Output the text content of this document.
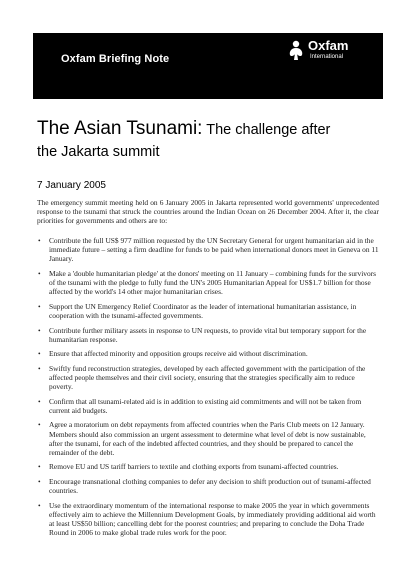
Oxfam Briefing Note
Oxfam
International
The Asian Tsunami: The challenge after
the Jakarta summit
7 January 2005

The emergency summit meeting held on 6 January 2005 in Jakarta represented world governments' unprecedented response to the tsunami that struck the countries around the Indian Ocean on 26 December 2004. After it, the clear priorities for governments and others are to:

• Contribute the full US$ 977 million requested by the UN Secretary General for urgent humanitarian aid in the immediate future – setting a firm deadline for funds to be paid when international donors meet in Geneva on 11 January.
• Make a 'double humanitarian pledge' at the donors' meeting on 11 January – combining funds for the survivors of the tsunami with the pledge to fully fund the UN's 2005 Humanitarian Appeal for US$1.7 billion for those affected by the world's 14 other major humanitarian crises.
• Support the UN Emergency Relief Coordinator as the leader of international humanitarian assistance, in cooperation with the tsunami-affected governments.
• Contribute further military assets in response to UN requests, to provide vital but temporary support for the humanitarian response.
• Ensure that affected minority and opposition groups receive aid without discrimination.
• Swiftly fund reconstruction strategies, developed by each affected government with the participation of the affected people themselves and their civil society, ensuring that the strategies specifically aim to reduce poverty.
• Confirm that all tsunami-related aid is in addition to existing aid commitments and will not be taken from current aid budgets.
• Agree a moratorium on debt repayments from affected countries when the Paris Club meets on 12 January. Members should also commission an urgent assessment to determine what level of debt is now sustainable, after the tsunami, for each of the indebted affected countries, and they should be prepared to cancel the remainder of the debt.
• Remove EU and US tariff barriers to textile and clothing exports from tsunami-affected countries.
• Encourage transnational clothing companies to defer any decision to shift production out of tsunami-affected countries.
• Use the extraordinary momentum of the international response to make 2005 the year in which governments effectively aim to achieve the Millennium Development Goals, by immediately providing additional aid worth at least US$50 billion; cancelling debt for the poorest countries; and preparing to conclude the Doha Trade Round in 2006 to make global trade rules work for the poor.
